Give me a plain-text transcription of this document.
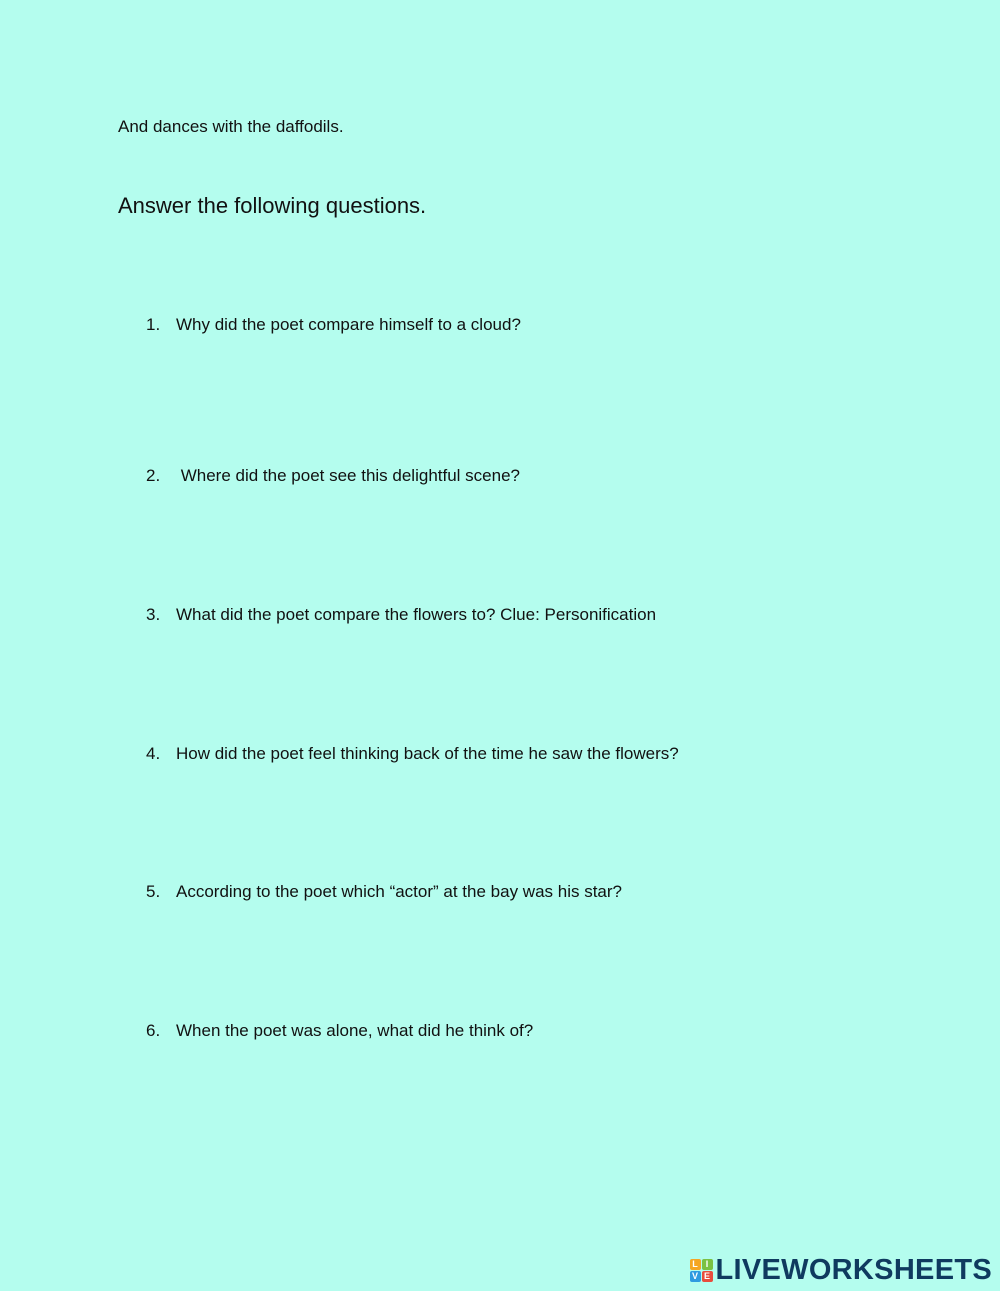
And dances with the daffodils.
Answer the following questions.
1. Why did the poet compare himself to a cloud?
2. Where did the poet see this delightful scene?
3. What did the poet compare the flowers to? Clue: Personification
4. How did the poet feel thinking back of the time he saw the flowers?
5. According to the poet which “actor” at the bay was his star?
6. When the poet was alone, what did he think of?
L I
V E LIVEWORKSHEETS
